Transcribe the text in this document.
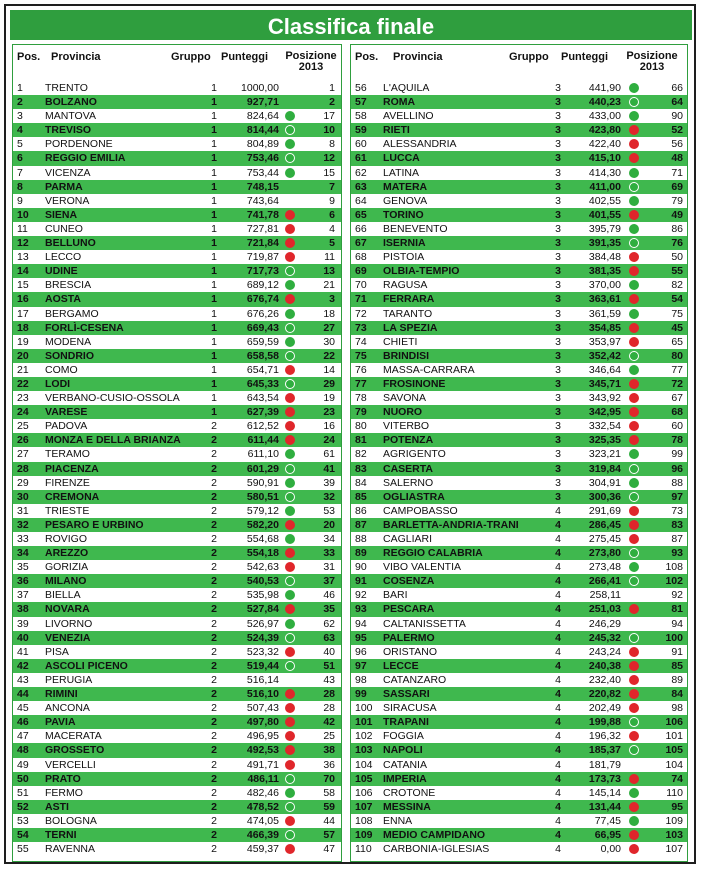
Classifica finale
Pos. Provincia	Gruppo Punteggi	Posizione 2013
1 TRENTO	1	1000,00	1
2 BOLZANO	1	927,71	2
3 MANTOVA	1	824,64	17
4 TREVISO	1	814,44	10
5 PORDENONE	1	804,89	8
6 REGGIO EMILIA	1	753,46	12
7 VICENZA	1	753,44	15
8 PARMA	1	748,15	7
9 VERONA	1	743,64	9
10 SIENA	1	741,78	6
11 CUNEO	1	727,81	4
12 BELLUNO	1	721,84	5
13 LECCO	1	719,87	11
14 UDINE	1	717,73	13
15 BRESCIA	1	689,12	21
16 AOSTA	1	676,74	3
17 BERGAMO	1	676,26	18
18 FORLÌ-CESENA	1	669,43	27
19 MODENA	1	659,59	30
20 SONDRIO	1	658,58	22
21 COMO	1	654,71	14
22 LODI	1	645,33	29
23 VERBANO-CUSIO-OSSOLA	1	643,54	19
24 VARESE	1	627,39	23
25 PADOVA	2	612,52	16
26 MONZA E DELLA BRIANZA	2	611,44	24
27 TERAMO	2	611,10	61
28 PIACENZA	2	601,29	41
29 FIRENZE	2	590,91	39
30 CREMONA	2	580,51	32
31 TRIESTE	2	579,12	53
32 PESARO E URBINO	2	582,20	20
33 ROVIGO	2	554,68	34
34 AREZZO	2	554,18	33
35 GORIZIA	2	542,63	31
36 MILANO	2	540,53	37
37 BIELLA	2	535,98	46
38 NOVARA	2	527,84	35
39 LIVORNO	2	526,97	62
40 VENEZIA	2	524,39	63
41 PISA	2	523,32	40
42 ASCOLI PICENO	2	519,44	51
43 PERUGIA	2	516,14	43
44 RIMINI	2	516,10	28
45 ANCONA	2	507,43	28
46 PAVIA	2	497,80	42
47 MACERATA	2	496,95	25
48 GROSSETO	2	492,53	38
49 VERCELLI	2	491,71	36
50 PRATO	2	486,11	70
51 FERMO	2	482,46	58
52 ASTI	2	478,52	59
53 BOLOGNA	2	474,05	44
54 TERNI	2	466,39	57
55 RAVENNA	2	459,37	47
Pos. Provincia	Gruppo Punteggi	Posizione 2013
56 L'AQUILA	3	441,90	66
57 ROMA	3	440,23	64
58 AVELLINO	3	433,00	90
59 RIETI	3	423,80	52
60 ALESSANDRIA	3	422,40	56
61 LUCCA	3	415,10	48
62 LATINA	3	414,30	71
63 MATERA	3	411,00	69
64 GENOVA	3	402,55	79
65 TORINO	3	401,55	49
66 BENEVENTO	3	395,79	86
67 ISERNIA	3	391,35	76
68 PISTOIA	3	384,48	50
69 OLBIA-TEMPIO	3	381,35	55
70 RAGUSA	3	370,00	82
71 FERRARA	3	363,61	54
72 TARANTO	3	361,59	75
73 LA SPEZIA	3	354,85	45
74 CHIETI	3	353,97	65
75 BRINDISI	3	352,42	80
76 MASSA-CARRARA	3	346,64	77
77 FROSINONE	3	345,71	72
78 SAVONA	3	343,92	67
79 NUORO	3	342,95	68
80 VITERBO	3	332,54	60
81 POTENZA	3	325,35	78
82 AGRIGENTO	3	323,21	99
83 CASERTA	3	319,84	96
84 SALERNO	3	304,91	88
85 OGLIASTRA	3	300,36	97
86 CAMPOBASSO	4	291,69	73
87 BARLETTA-ANDRIA-TRANI	4	286,45	83
88 CAGLIARI	4	275,45	87
89 REGGIO CALABRIA	4	273,80	93
90 VIBO VALENTIA	4	273,48	108
91 COSENZA	4	266,41	102
92 BARI	4	258,11	92
93 PESCARA	4	251,03	81
94 CALTANISSETTA	4	246,29	94
95 PALERMO	4	245,32	100
96 ORISTANO	4	243,24	91
97 LECCE	4	240,38	85
98 CATANZARO	4	232,40	89
99 SASSARI	4	220,82	84
100 SIRACUSA	4	202,49	98
101 TRAPANI	4	199,88	106
102 FOGGIA	4	196,32	101
103 NAPOLI	4	185,37	105
104 CATANIA	4	181,79	104
105 IMPERIA	4	173,73	74
106 CROTONE	4	145,14	110
107 MESSINA	4	131,44	95
108 ENNA	4	77,45	109
109 MEDIO CAMPIDANO	4	66,95	103
110 CARBONIA-IGLESIAS	4	0,00	107
